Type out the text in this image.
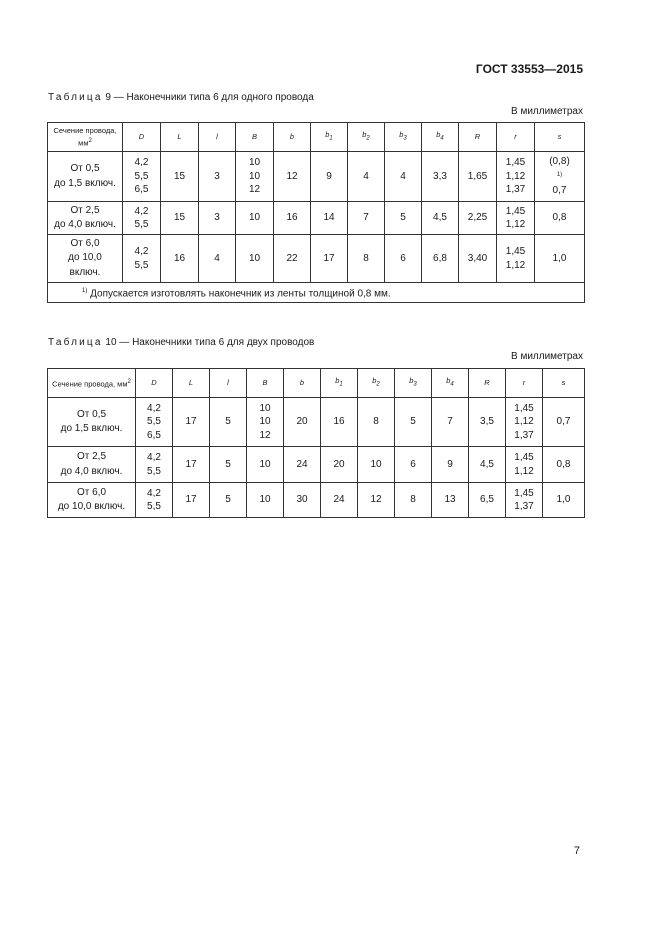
ГОСТ 33553—2015
Таблица 9 — Наконечники типа 6 для одного провода
В миллиметрах
Сечение провода, $мм^2$	D	L	l	B	b	$b_1$	$b_2$	$b_3$	$b_4$	R	r	s

От 0,5
до 1,5 включ.	4,2
5,5
6,5	15	3	10
10
12	12	9	4	4	3,3	1,65	1,45
1,12
1,37	(0,8)
$^{1)}$
0,7

От 2,5
до 4,0 включ.	4,2
5,5	15	3	10	16	14	7	5	4,5	2,25	1,45
1,12	0,8

От 6,0
до 10,0
включ.	4,2
5,5	16	4	10	22	17	8	6	6,8	3,40	1,45
1,12	1,0

$^{1)}$ Допускается изготовлять наконечник из ленты толщиной 0,8 мм.												
Таблица 10 — Наконечники типа 6 для двух проводов
В миллиметрах
Сечение провода, $мм^2$	D	L	l	B	b	$b_1$	$b_2$	$b_3$	$b_4$	R	r	s

От 0,5
до 1,5 включ.	4,2
5,5
6,5	17	5	10
10
12	20	16	8	5	7	3,5	1,45
1,12
1,37	0,7

От 2,5
до 4,0 включ.	4,2
5,5	17	5	10	24	20	10	6	9	4,5	1,45
1,12	0,8

От 6,0
до 10,0 включ.	4,2
5,5	17	5	10	30	24	12	8	13	6,5	1,45
1,37	1,0
7
